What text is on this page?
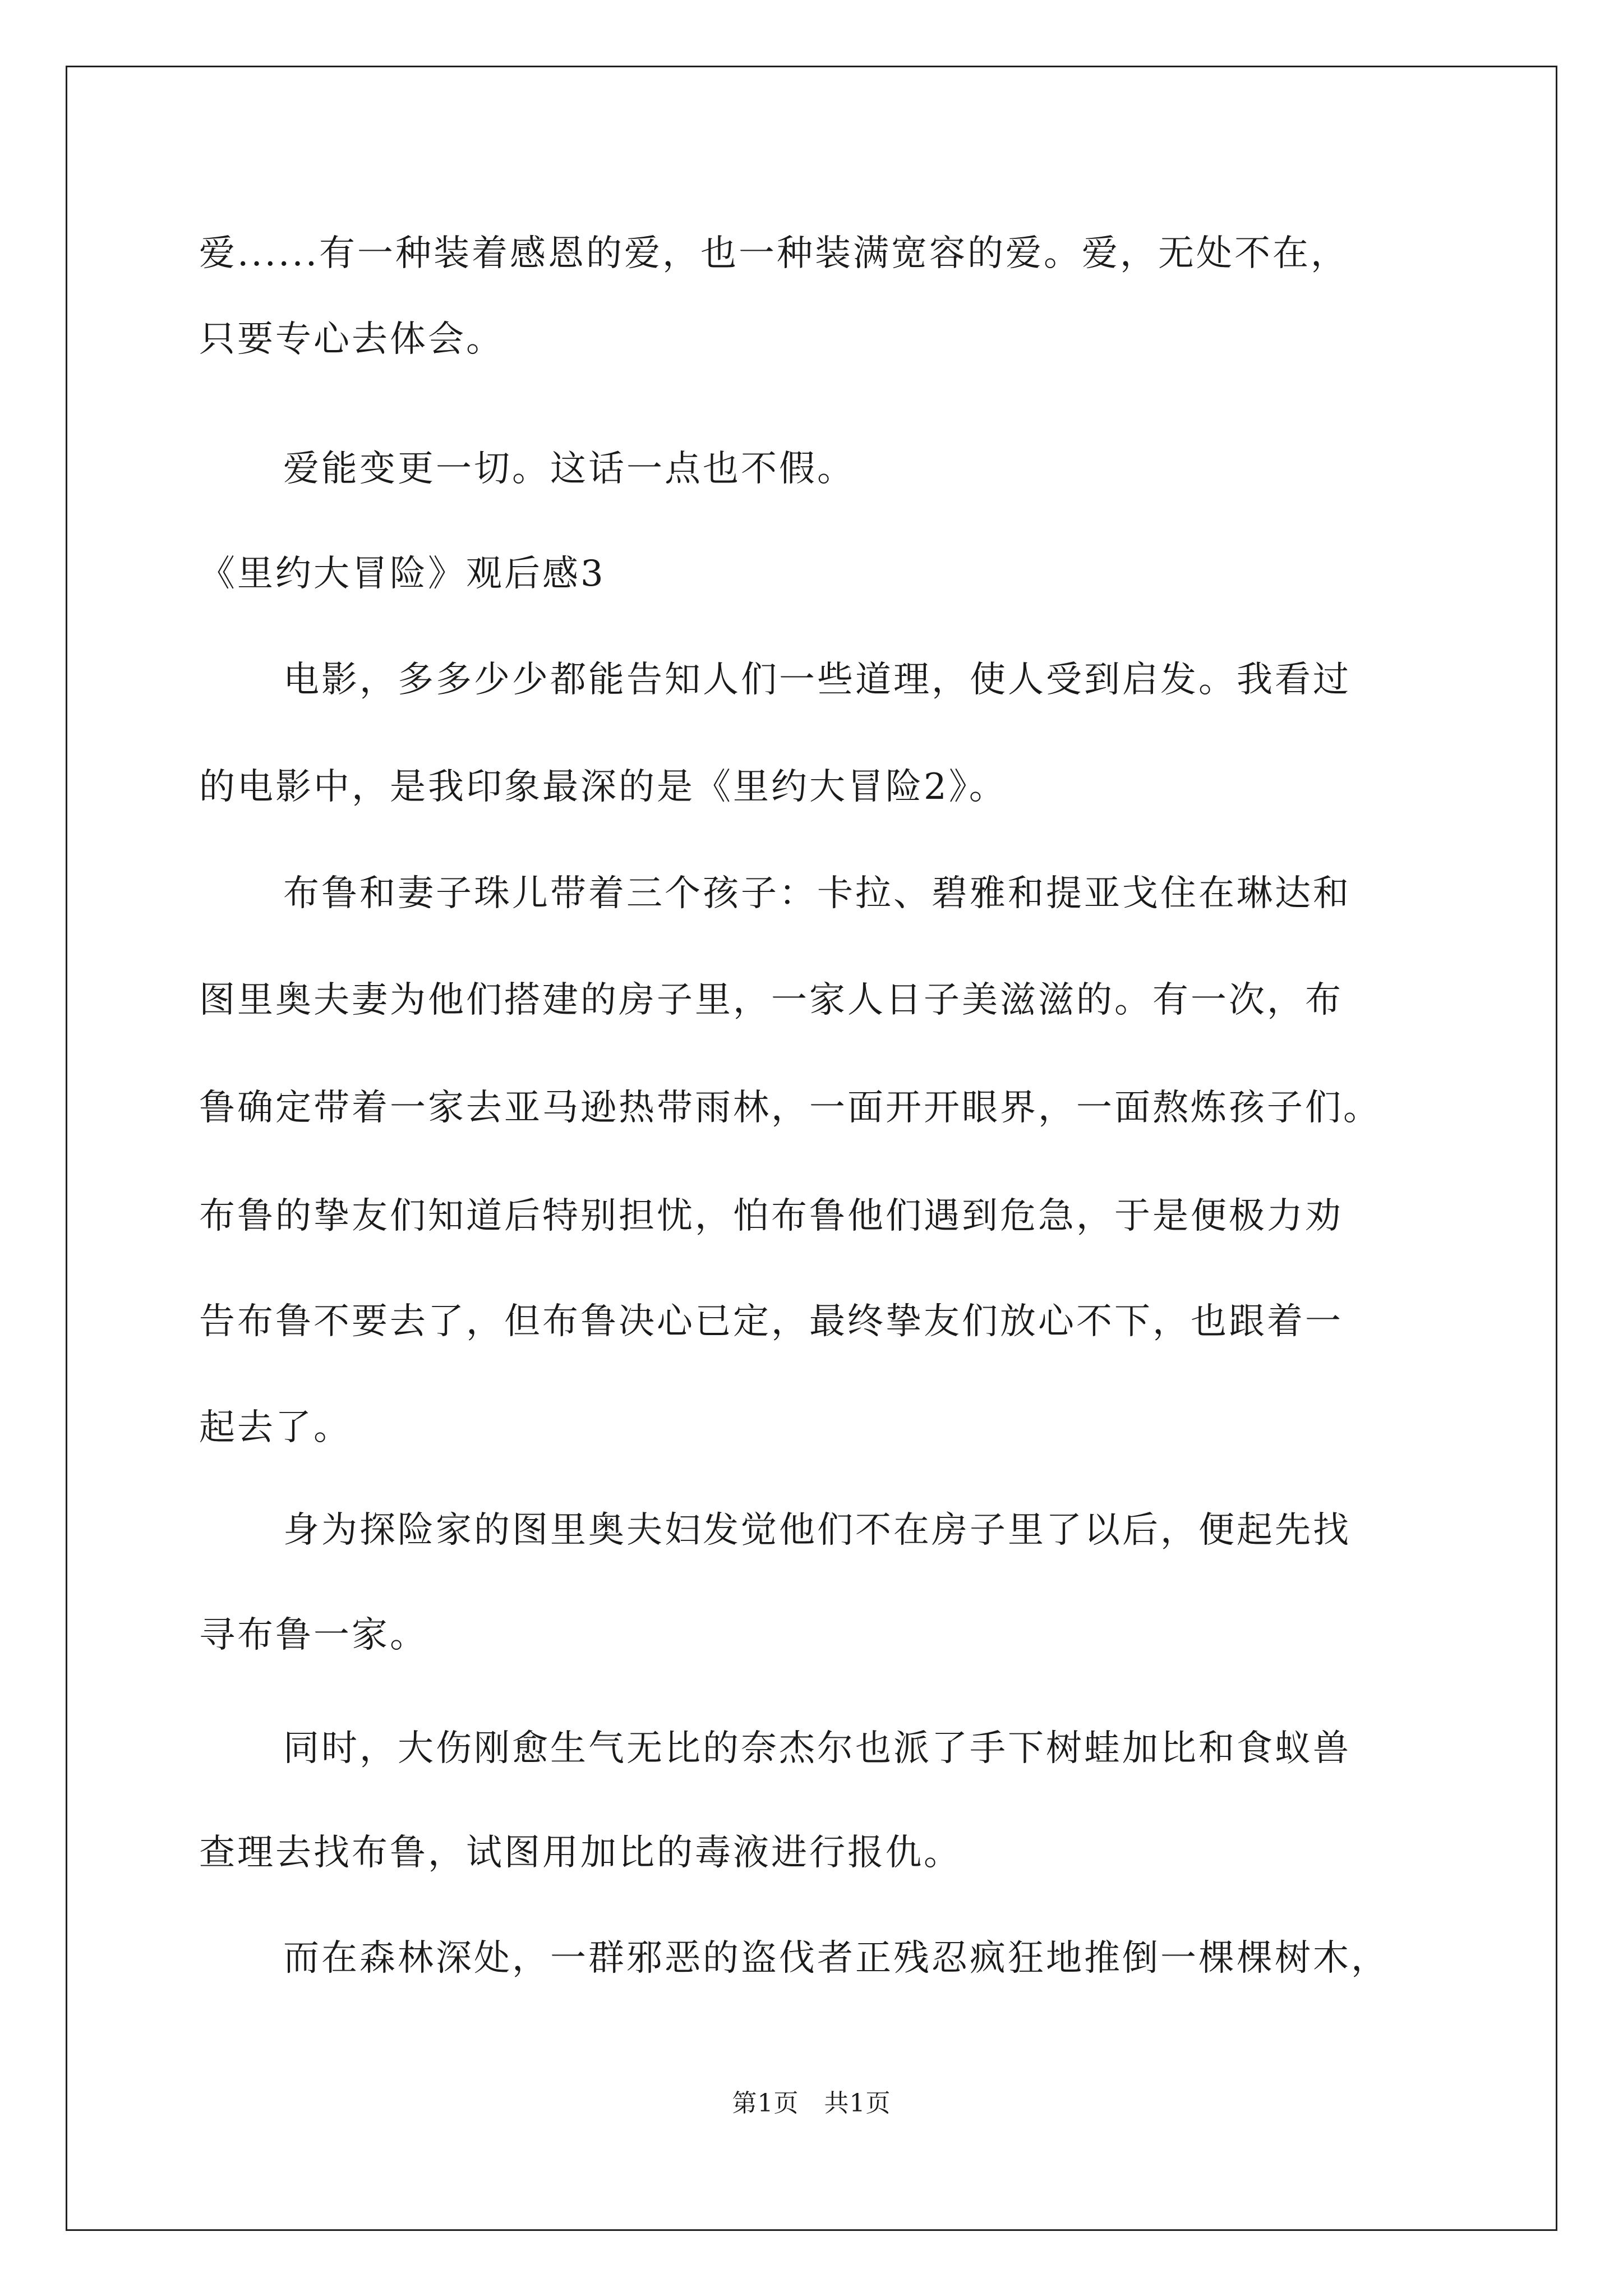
爱......有一种装着感恩的爱，也一种装满宽容的爱。爱，无处不在，
只要专心去体会。
爱能变更一切。这话一点也不假。
《里约大冒险》观后感3
电影，多多少少都能告知人们一些道理，使人受到启发。我看过
的电影中，是我印象最深的是《里约大冒险2》。
布鲁和妻子珠儿带着三个孩子：卡拉、碧雅和提亚戈住在琳达和
图里奥夫妻为他们搭建的房子里，一家人日子美滋滋的。有一次，布
鲁确定带着一家去亚马逊热带雨林，一面开开眼界，一面熬炼孩子们。
布鲁的挚友们知道后特别担忧，怕布鲁他们遇到危急，于是便极力劝
告布鲁不要去了，但布鲁决心已定，最终挚友们放心不下，也跟着一
起去了。
身为探险家的图里奥夫妇发觉他们不在房子里了以后，便起先找
寻布鲁一家。
同时，大伤刚愈生气无比的奈杰尔也派了手下树蛙加比和食蚁兽
查理去找布鲁，试图用加比的毒液进行报仇。
而在森林深处，一群邪恶的盗伐者正残忍疯狂地推倒一棵棵树木，
第1页　共1页
